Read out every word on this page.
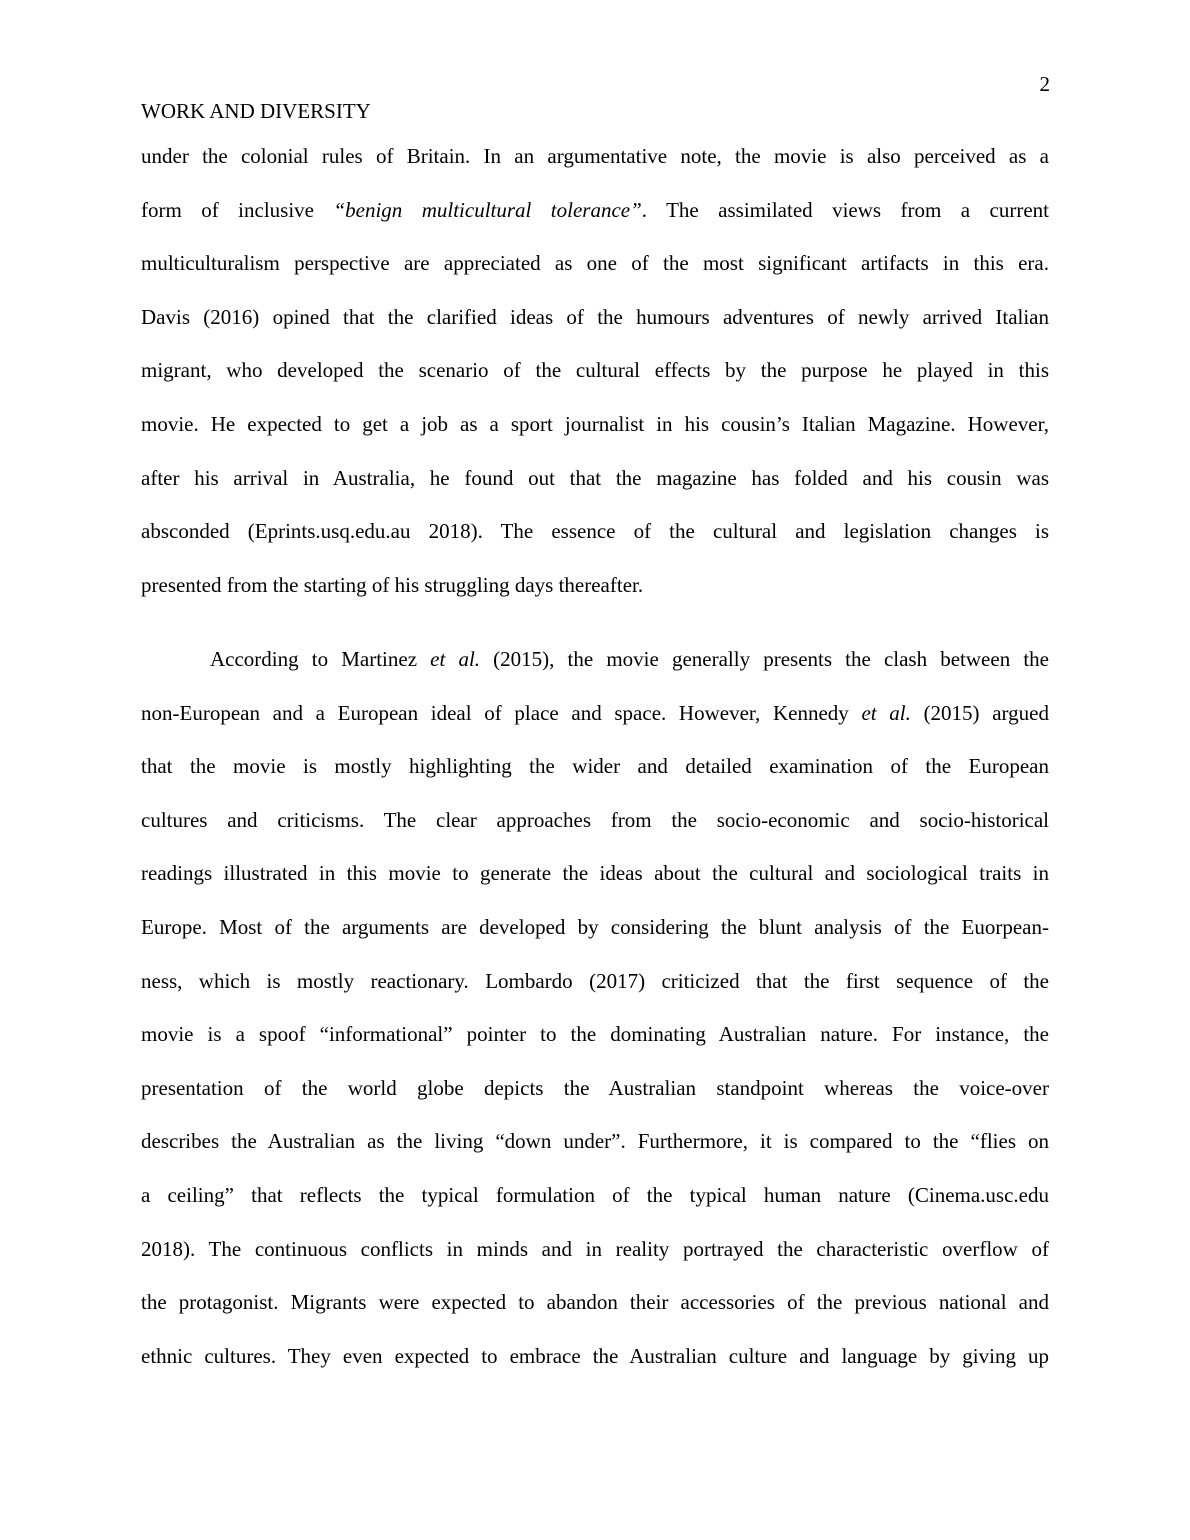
2
WORK AND DIVERSITY
under the colonial rules of Britain. In an argumentative note, the movie is also perceived as a
form of inclusive “benign multicultural tolerance”. The assimilated views from a current
multiculturalism perspective are appreciated as one of the most significant artifacts in this era.
Davis (2016) opined that the clarified ideas of the humours adventures of newly arrived Italian
migrant, who developed the scenario of the cultural effects by the purpose he played in this
movie. He expected to get a job as a sport journalist in his cousin’s Italian Magazine. However,
after his arrival in Australia, he found out that the magazine has folded and his cousin was
absconded (Eprints.usq.edu.au 2018). The essence of the cultural and legislation changes is
presented from the starting of his struggling days thereafter.
According to Martinez et al. (2015), the movie generally presents the clash between the
non-European and a European ideal of place and space. However, Kennedy et al. (2015) argued
that the movie is mostly highlighting the wider and detailed examination of the European
cultures and criticisms. The clear approaches from the socio-economic and socio-historical
readings illustrated in this movie to generate the ideas about the cultural and sociological traits in
Europe. Most of the arguments are developed by considering the blunt analysis of the Euorpean-
ness, which is mostly reactionary. Lombardo (2017) criticized that the first sequence of the
movie is a spoof “informational” pointer to the dominating Australian nature. For instance, the
presentation of the world globe depicts the Australian standpoint whereas the voice-over
describes the Australian as the living “down under”. Furthermore, it is compared to the “flies on
a ceiling” that reflects the typical formulation of the typical human nature (Cinema.usc.edu
2018). The continuous conflicts in minds and in reality portrayed the characteristic overflow of
the protagonist. Migrants were expected to abandon their accessories of the previous national and
ethnic cultures. They even expected to embrace the Australian culture and language by giving up
